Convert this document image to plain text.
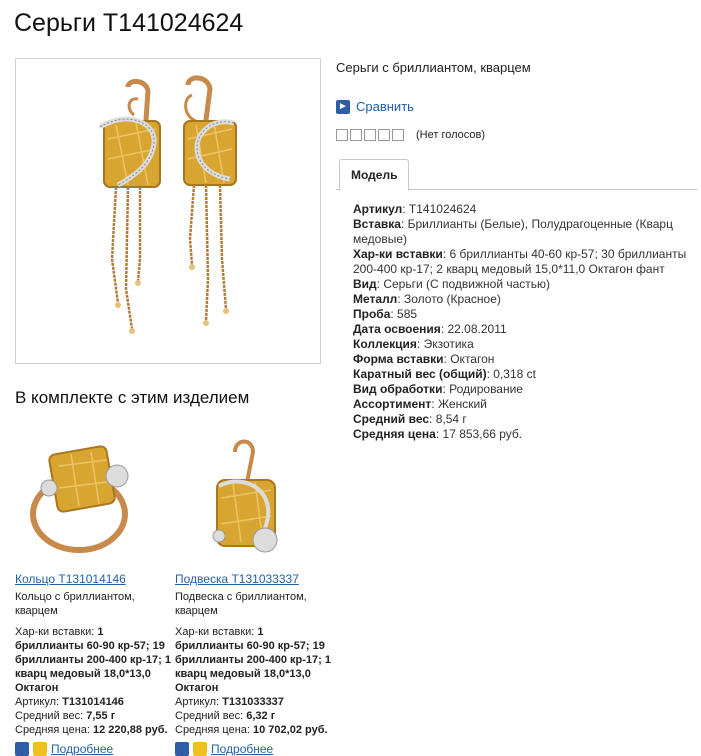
Серьги Т141024624
Серьги с бриллиантом, кварцем
► Сравнить
(Нет голосов)
Модель

Артикул: Т141024624

Вставка: Бриллианты (Белые), Полудрагоценные (Кварц медовые)

Хар-ки вставки: 6 бриллианты 40-60 кр-57; 30 бриллианты 200-400 кр-17; 2 кварц медовый 15,0*11,0 Октагон фант

Вид: Серьги (С подвижной частью)

Металл: Золото (Красное)

Проба: 585

Дата освоения: 22.08.2011

Коллекция: Экзотика

Форма вставки: Октагон

Каратный вес (общий): 0,318 ct

Вид обработки: Родирование

Ассортимент: Женский

Средний вес: 8,54 г

Средняя цена: 17 853,66 руб.

В комплекте с этим изделием
Кольцо Т131014146
Кольцо с бриллиантом, кварцем
Хар-ки вставки: 1 бриллианты 60-90 кр-57; 19 бриллианты 200-400 кр-17; 1 кварц медовый 18,0*13,0 Октагон
Артикул: Т131014146
Средний вес: 7,55 г
Средняя цена: 12 220,88 руб.
Подробнее
Подвеска Т131033337
Подвеска с бриллиантом, кварцем
Хар-ки вставки: 1 бриллианты 60-90 кр-57; 19 бриллианты 200-400 кр-17; 1 кварц медовый 18,0*13,0 Октагон
Артикул: Т131033337
Средний вес: 6,32 г
Средняя цена: 10 702,02 руб.
Подробнее
